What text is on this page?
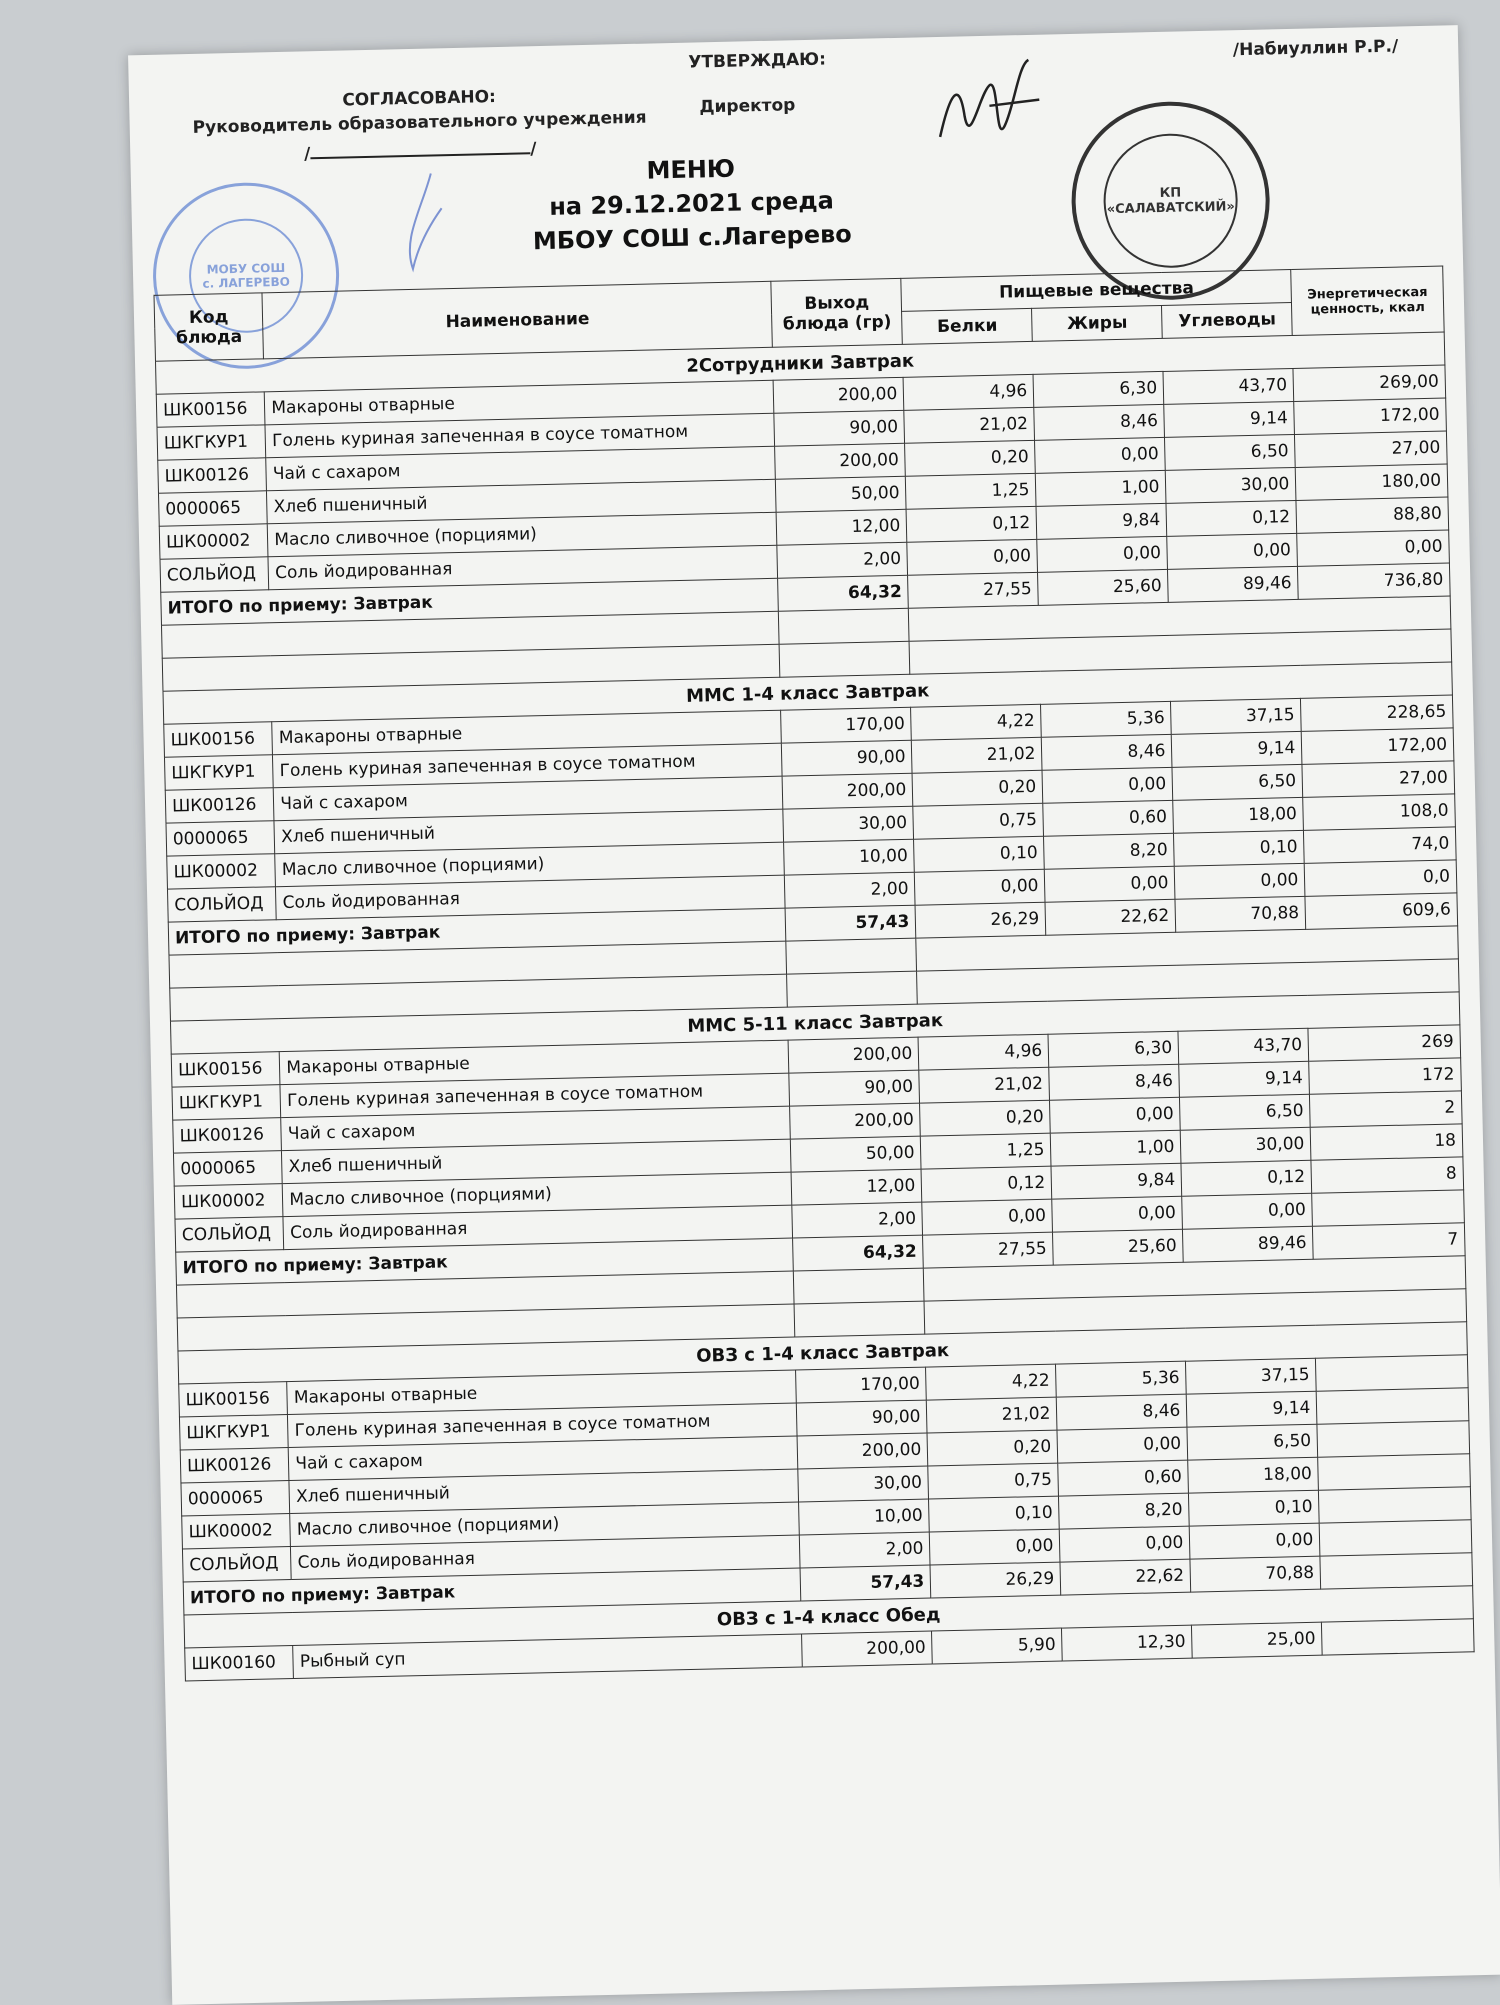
СОГЛАСОВАНО:
Руководитель образовательного учреждения
/	/
УТВЕРЖДАЮ:
Директор
/Набиуллин Р.Р./
МОБУ СОШ
с. ЛАГЕРЕВО
КП
«САЛАВАТСКИЙ»
МЕНЮ
на 29.12.2021 среда
МБОУ СОШ с.Лагерево
Код блюда	Наименование	Выход блюда (гр)	Пищевые вещества			Энергетическая ценность, ккал
			Белки	Жиры	Углеводы	
2Сотрудники Завтрак						
ШК00156	Макароны отварные	200,00	4,96	6,30	43,70	269,00
ШКГКУР1	Голень куриная запеченная в соусе томатном	90,00	21,02	8,46	9,14	172,00
ШК00126	Чай с сахаром	200,00	0,20	0,00	6,50	27,00
0000065	Хлеб пшеничный	50,00	1,25	1,00	30,00	180,00
ШК00002	Масло сливочное (порциями)	12,00	0,12	9,84	0,12	88,80
СОЛЬЙОД	Соль йодированная	2,00	0,00	0,00	0,00	0,00
ИТОГО по приему: Завтрак		64,32	27,55	25,60	89,46	736,80

ММС 1-4 класс Завтрак						
ШК00156	Макароны отварные	170,00	4,22	5,36	37,15	228,65
ШКГКУР1	Голень куриная запеченная в соусе томатном	90,00	21,02	8,46	9,14	172,00
ШК00126	Чай с сахаром	200,00	0,20	0,00	6,50	27,00
0000065	Хлеб пшеничный	30,00	0,75	0,60	18,00	108,0
ШК00002	Масло сливочное (порциями)	10,00	0,10	8,20	0,10	74,0
СОЛЬЙОД	Соль йодированная	2,00	0,00	0,00	0,00	0,0
ИТОГО по приему: Завтрак		57,43	26,29	22,62	70,88	609,6

ММС 5-11 класс Завтрак						
ШК00156	Макароны отварные	200,00	4,96	6,30	43,70	269
ШКГКУР1	Голень куриная запеченная в соусе томатном	90,00	21,02	8,46	9,14	172
ШК00126	Чай с сахаром	200,00	0,20	0,00	6,50	2
0000065	Хлеб пшеничный	50,00	1,25	1,00	30,00	18
ШК00002	Масло сливочное (порциями)	12,00	0,12	9,84	0,12	8
СОЛЬЙОД	Соль йодированная	2,00	0,00	0,00	0,00	
ИТОГО по приему: Завтрак		64,32	27,55	25,60	89,46	7

ОВЗ с 1-4 класс Завтрак						
ШК00156	Макароны отварные	170,00	4,22	5,36	37,15	
ШКГКУР1	Голень куриная запеченная в соусе томатном	90,00	21,02	8,46	9,14	
ШК00126	Чай с сахаром	200,00	0,20	0,00	6,50	
0000065	Хлеб пшеничный	30,00	0,75	0,60	18,00	
ШК00002	Масло сливочное (порциями)	10,00	0,10	8,20	0,10	
СОЛЬЙОД	Соль йодированная	2,00	0,00	0,00	0,00	
ИТОГО по приему: Завтрак		57,43	26,29	22,62	70,88	
ОВЗ с 1-4 класс Обед						
ШК00160	Рыбный суп	200,00	5,90	12,30	25,00	
